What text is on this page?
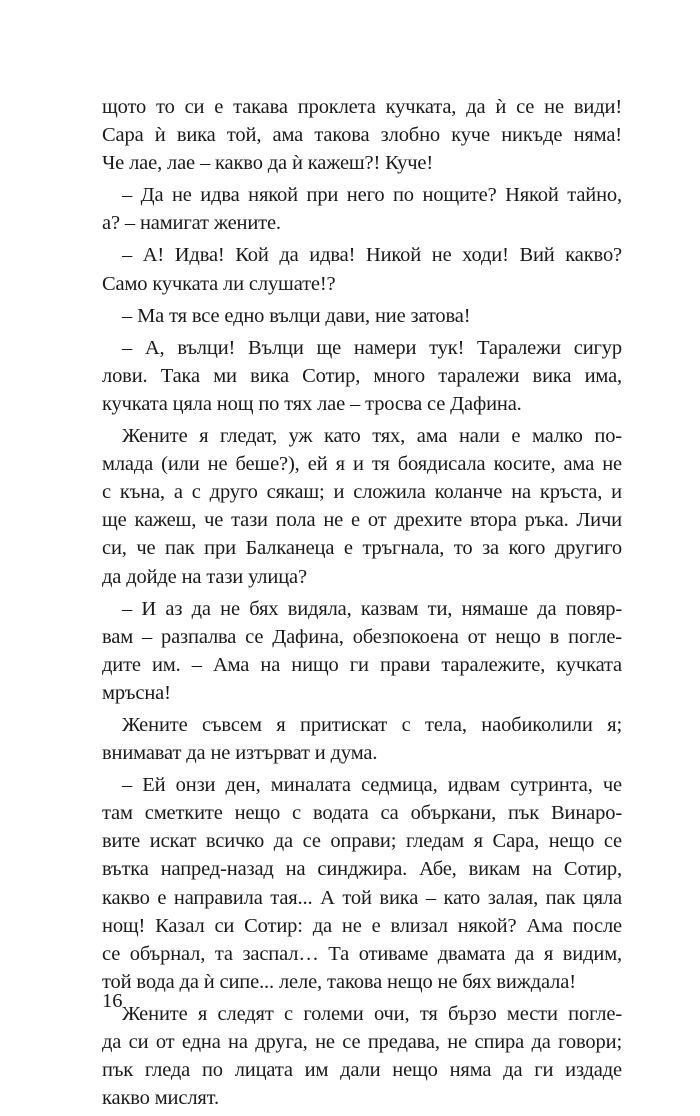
щото то си е такава проклета кучката, да ѝ се не види!
Сара ѝ вика той, ама такова злобно куче никъде няма!
Че лае, лае – какво да ѝ кажеш?! Куче!
– Да не идва някой при него по нощите? Някой тайно,
а? – намигат жените.
– А! Идва! Кой да идва! Никой не ходи! Вий какво?
Само кучката ли слушате!?
– Ма тя все едно вълци дави, ние затова!
– А, вълци! Вълци ще намери тук! Таралежи сигур
лови. Така ми вика Сотир, много таралежи вика има,
кучката цяла нощ по тях лае – тросва се Дафина.
Жените я гледат, уж като тях, ама нали е малко по-
млада (или не беше?), ей я и тя боядисала косите, ама не
с къна, а с друго сякаш; и сложила коланче на кръста, и
ще кажеш, че тази пола не е от дрехите втора ръка. Личи
си, че пак при Балканеца е тръгнала, то за кого другиго
да дойде на тази улица?
– И аз да не бях видяла, казвам ти, нямаше да повяр-
вам – разпалва се Дафина, обезпокоена от нещо в погле-
дите им. – Ама на нищо ги прави таралежите, кучката
мръсна!
Жените съвсем я притискат с тела, наобиколили я;
внимават да не изтърват и дума.
– Ей онзи ден, миналата седмица, идвам сутринта, че
там сметките нещо с водата са объркани, пък Винаро-
вите искат всичко да се оправи; гледам я Сара, нещо се
вътка напред-назад на синджира. Абе, викам на Сотир,
какво е направила тая... А той вика – като залая, пак цяла
нощ! Казал си Сотир: да не е влизал някой? Ама после
се обърнал, та заспал… Та отиваме двамата да я видим,
той вода да ѝ сипе... леле, такова нещо не бях виждала!
Жените я следят с големи очи, тя бързо мести погле-
да си от една на друга, не се предава, не спира да говори;
пък гледа по лицата им дали нещо няма да ги издаде
какво мислят.
16
